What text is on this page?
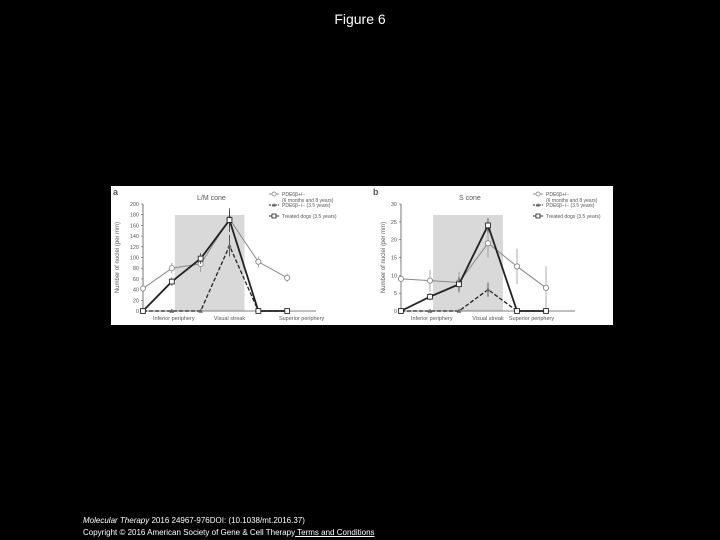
Figure 6
a
L/M cone
0
20
40
60
80
100
120
140
160
180
200
Number of nuclei (per mm)
Inferior periphery	Visual streak	Superior periphery
PDE6β+/−
(6 months and 8 years)
PDE6β−/− (3.5 years)
Treated dogs (3.5 years)
b
S cone
0
5
10
15
20
25
30
Number of nuclei (per mm)
Inferior periphery	Visual streak Superior periphery
PDE6β+/−
(6 months and 8 years)
PDE6β−/− (3.5 years)
Treated dogs (3.5 years)
Molecular Therapy 2016 24967-976DOI: (10.1038/mt.2016.37)
Copyright © 2016 American Society of Gene & Cell Therapy Terms and Conditions
